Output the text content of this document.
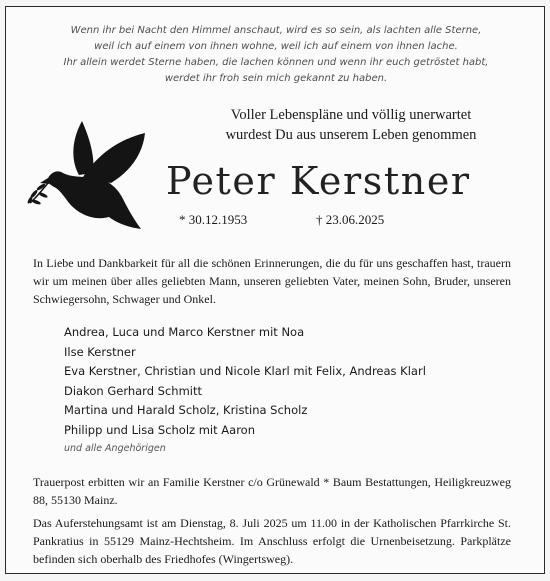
Wenn ihr bei Nacht den Himmel anschaut, wird es so sein, als lachten alle Sterne,
weil ich auf einem von ihnen wohne, weil ich auf einem von ihnen lache.
Ihr allein werdet Sterne haben, die lachen können und wenn ihr euch getröstet habt,
werdet ihr froh sein mich gekannt zu haben.
Voller Lebenspläne und völlig unerwartet
wurdest Du aus unserem Leben genommen
Peter Kerstner
* 30.12.1953	† 23.06.2025
In Liebe und Dankbarkeit für all die schönen Erinnerungen, die du für uns geschaffen hast, trauern wir um meinen über alles geliebten Mann, unseren geliebten Vater, meinen Sohn, Bruder, unseren Schwiegersohn, Schwager und Onkel.
Andrea, Luca und Marco Kerstner mit Noa
Ilse Kerstner
Eva Kerstner, Christian und Nicole Klarl mit Felix, Andreas Klarl
Diakon Gerhard Schmitt
Martina und Harald Scholz, Kristina Scholz
Philipp und Lisa Scholz mit Aaron
und alle Angehörigen
Trauerpost erbitten wir an Familie Kerstner c/o Grünewald * Baum Bestattungen, Heiligkreuzweg 88, 55130 Mainz.
Das Auferstehungsamt ist am Dienstag, 8. Juli 2025 um 11.00 in der Katholischen Pfarrkirche St. Pankratius in 55129 Mainz-Hechtsheim. Im Anschluss erfolgt die Urnenbeisetzung. Parkplätze befinden sich oberhalb des Friedhofes (Wingertsweg).
